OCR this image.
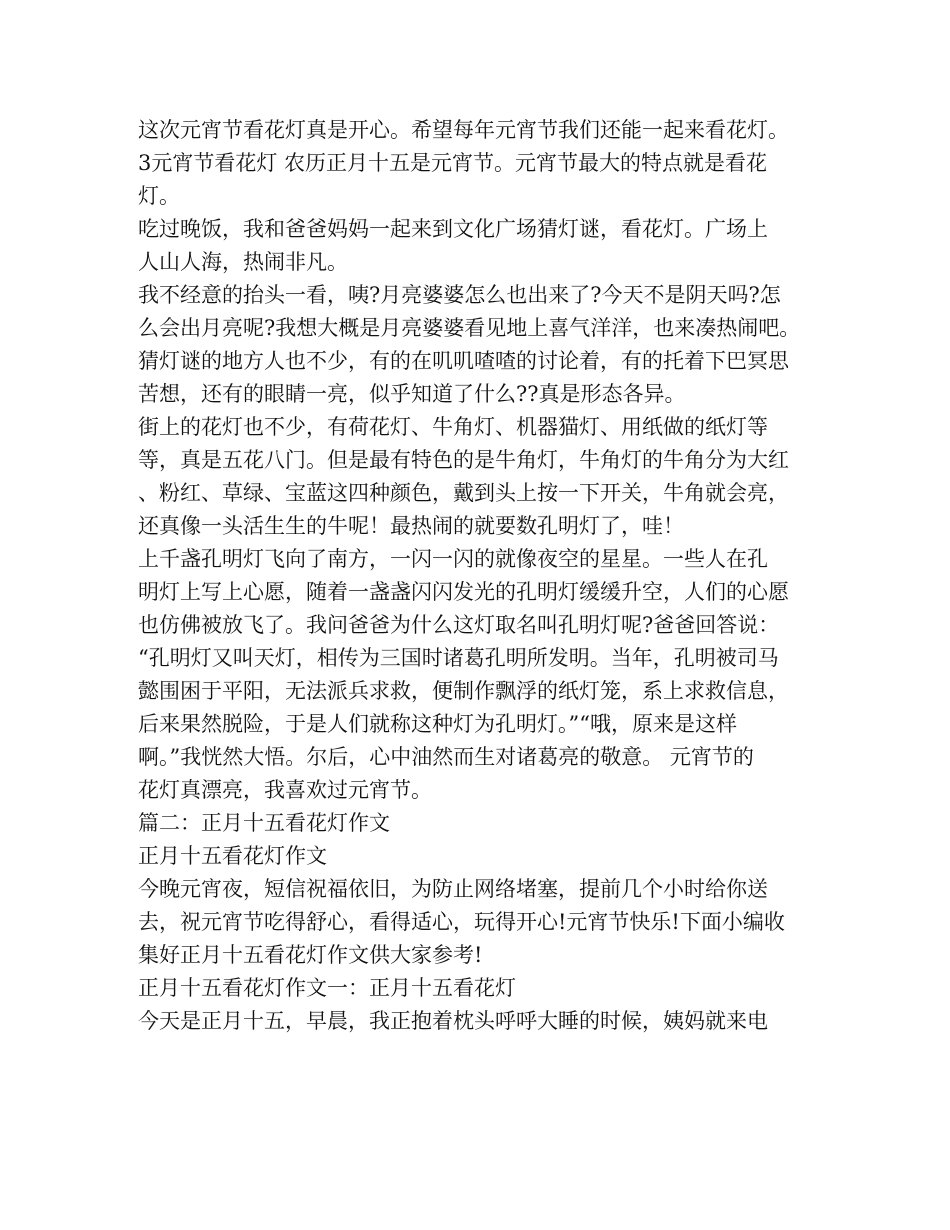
这次元宵节看花灯真是开心。希望每年元宵节我们还能一起来看花灯。
3元宵节看花灯 农历正月十五是元宵节。元宵节最大的特点就是看花
灯。
吃过晚饭，我和爸爸妈妈一起来到文化广场猜灯谜，看花灯。广场上
人山人海，热闹非凡。
我不经意的抬头一看，咦?月亮婆婆怎么也出来了?今天不是阴天吗?怎
么会出月亮呢?我想大概是月亮婆婆看见地上喜气洋洋，也来凑热闹吧。
猜灯谜的地方人也不少，有的在叽叽喳喳的讨论着，有的托着下巴冥思
苦想，还有的眼睛一亮，似乎知道了什么??真是形态各异。
街上的花灯也不少，有荷花灯、牛角灯、机器猫灯、用纸做的纸灯等
等，真是五花八门。但是最有特色的是牛角灯，牛角灯的牛角分为大红
、粉红、草绿、宝蓝这四种颜色，戴到头上按一下开关，牛角就会亮，
还真像一头活生生的牛呢！最热闹的就要数孔明灯了，哇！
上千盏孔明灯飞向了南方，一闪一闪的就像夜空的星星。一些人在孔
明灯上写上心愿，随着一盏盏闪闪发光的孔明灯缓缓升空，人们的心愿
也仿佛被放飞了。我问爸爸为什么这灯取名叫孔明灯呢?爸爸回答说：
“孔明灯又叫天灯，相传为三国时诸葛孔明所发明。当年，孔明被司马
懿围困于平阳，无法派兵求救，便制作飘浮的纸灯笼，系上求救信息，
后来果然脱险，于是人们就称这种灯为孔明灯。”“哦，原来是这样
啊。”我恍然大悟。尔后，心中油然而生对诸葛亮的敬意。 元宵节的
花灯真漂亮，我喜欢过元宵节。
篇二：正月十五看花灯作文
正月十五看花灯作文
今晚元宵夜，短信祝福依旧，为防止网络堵塞，提前几个小时给你送
去，祝元宵节吃得舒心，看得适心，玩得开心!元宵节快乐!下面小编收
集好正月十五看花灯作文供大家参考!
正月十五看花灯作文一：正月十五看花灯
今天是正月十五，早晨，我正抱着枕头呼呼大睡的时候，姨妈就来电
